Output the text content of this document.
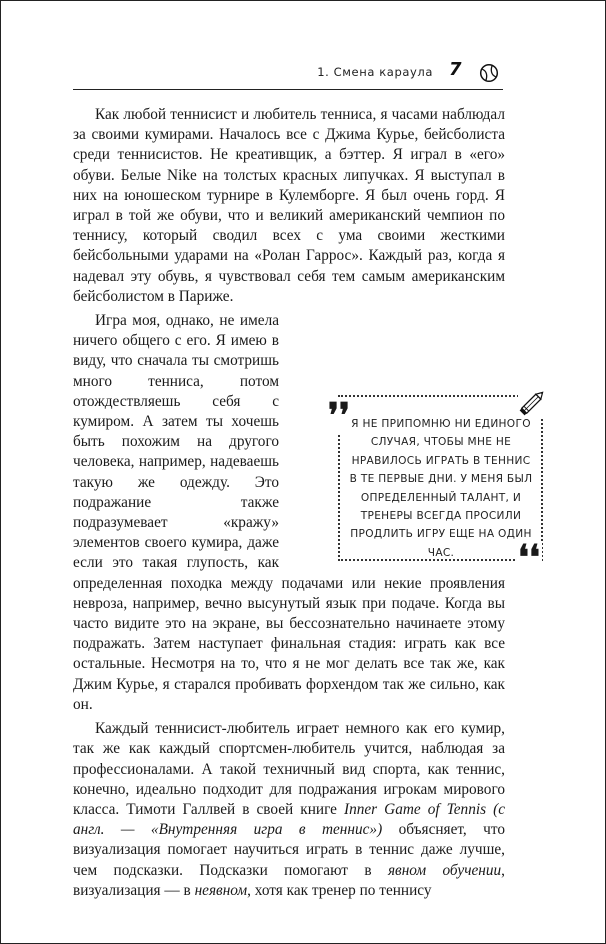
1. Смена караула 7

Как любой теннисист и любитель тенниса, я часами наблюдал за своими кумирами. Началось все с Джима Курье, бейсболиста среди теннисистов. Не креативщик, а бэттер. Я играл в «его» обуви. Белые Nike на толстых красных липучках. Я выступал в них на юношеском турнире в Кулемборге. Я был очень горд. Я играл в той же обуви, что и великий американский чемпион по теннису, который сводил всех с ума своими жесткими бейсбольными ударами на «Ролан Гаррос». Каждый раз, когда я надевал эту обувь, я чувствовал себя тем самым американским бейсболистом в Париже.

Игра моя, однако, не имела ничего общего с его. Я имею в виду, что сначала ты смотришь много тенниса, потом отождествляешь себя с кумиром. А затем ты хочешь быть похожим на другого человека, например, надеваешь такую же одежду. Это подражание также подразумевает «кражу» элементов своего кумира, даже если это такая глупость, как определенная походка между подачами или некие проявления невроза, например, вечно высунутый язык при подаче. Когда вы часто видите это на экране, вы бессознательно начинаете этому подражать. Затем наступает финальная стадия: играть как все остальные. Несмотря на то, что я не мог делать все так же, как Джим Курье, я старался пробивать форхендом так же сильно, как он.

Каждый теннисист-любитель играет немного как его кумир, так же как каждый спортсмен-любитель учится, наблюдая за профессионалами. А такой техничный вид спорта, как теннис, конечно, идеально подходит для подражания игрокам мирового класса. Тимоти Галлвей в своей книге Inner Game of Tennis (с англ. — «Внутренняя игра в теннис») объясняет, что визуализация помогает научиться играть в теннис даже лучше, чем подсказки. Подсказки помогают в явном обучении, визуализация — в неявном, хотя как тренер по теннису

❜❜ Я НЕ ПРИПОМНЮ НИ ЕДИНОГО СЛУЧАЯ, ЧТОБЫ МНЕ НЕ НРАВИЛОСЬ ИГРАТЬ В ТЕННИС В ТЕ ПЕРВЫЕ ДНИ. У МЕНЯ БЫЛ ОПРЕДЕЛЕННЫЙ ТАЛАНТ, И ТРЕНЕРЫ ВСЕГДА ПРОСИЛИ ПРОДЛИТЬ ИГРУ ЕЩЕ НА ОДИН ЧАС.	❛❛
